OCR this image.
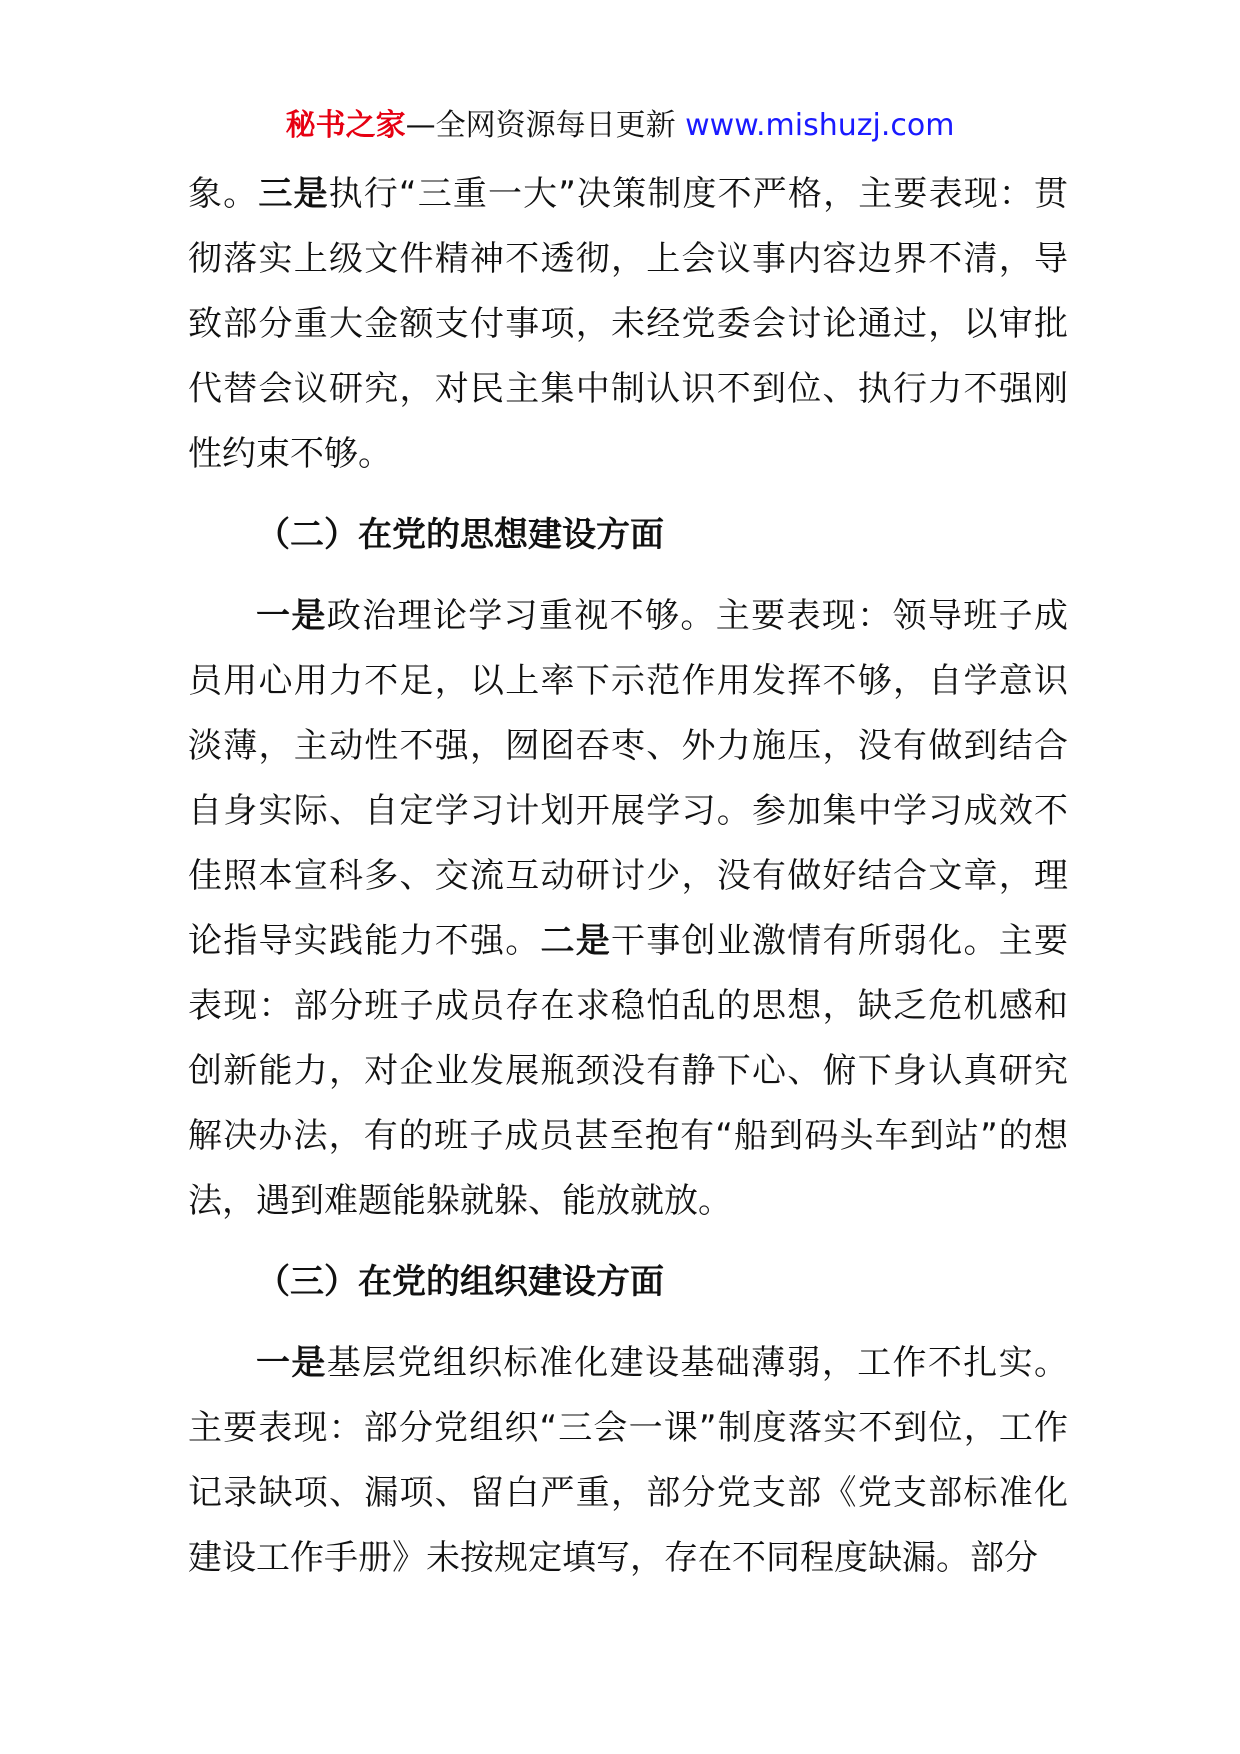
秘书之家—全网资源每日更新 www.mishuzj.com

象。三是执行“三重一大”决策制度不严格，主要表现：贯彻落实上级文件精神不透彻，上会议事内容边界不清，导致部分重大金额支付事项，未经党委会讨论通过，以审批代替会议研究，对民主集中制认识不到位、执行力不强刚性约束不够。

（二）在党的思想建设方面

一是政治理论学习重视不够。主要表现：领导班子成员用心用力不足，以上率下示范作用发挥不够，自学意识淡薄，主动性不强，囫囵吞枣、外力施压，没有做到结合自身实际、自定学习计划开展学习。参加集中学习成效不佳照本宣科多、交流互动研讨少，没有做好结合文章，理论指导实践能力不强。二是干事创业激情有所弱化。主要表现：部分班子成员存在求稳怕乱的思想，缺乏危机感和创新能力，对企业发展瓶颈没有静下心、俯下身认真研究解决办法，有的班子成员甚至抱有“船到码头车到站”的想法，遇到难题能躲就躲、能放就放。

（三）在党的组织建设方面

一是基层党组织标准化建设基础薄弱，工作不扎实。主要表现：部分党组织“三会一课”制度落实不到位，工作记录缺项、漏项、留白严重，部分党支部《党支部标准化建设工作手册》未按规定填写，存在不同程度缺漏。部分
